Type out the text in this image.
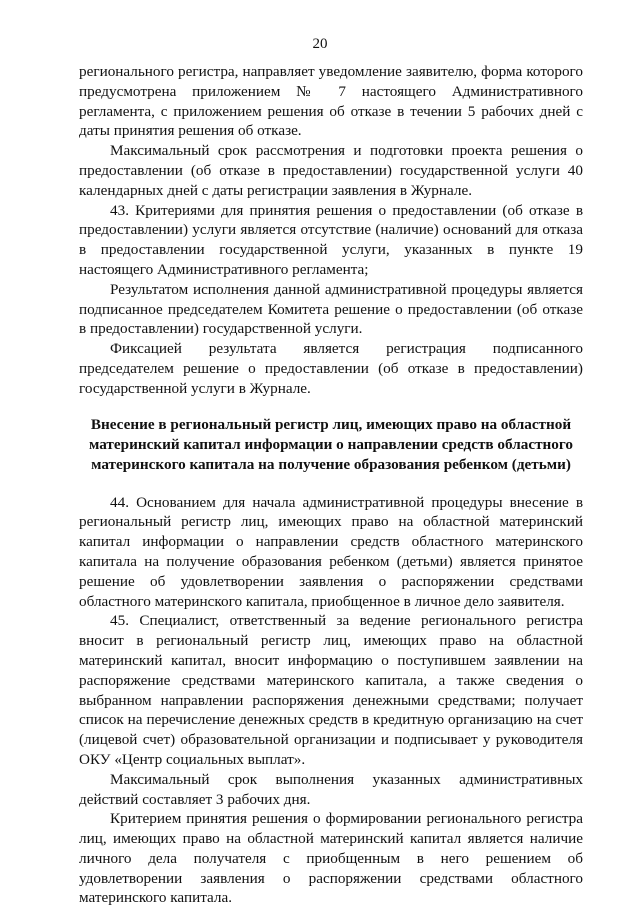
20

регионального регистра, направляет уведомление заявителю, форма которого предусмотрена приложением № 7 настоящего Административного регламента, с приложением решения об отказе в течении 5 рабочих дней с даты принятия решения об отказе.

Максимальный срок рассмотрения и подготовки проекта решения о предоставлении (об отказе в предоставлении) государственной услуги 40 календарных дней с даты регистрации заявления в Журнале.

43. Критериями для принятия решения о предоставлении (об отказе в предоставлении) услуги является отсутствие (наличие) оснований для отказа в предоставлении государственной услуги, указанных в пункте 19 настоящего Административного регламента;

Результатом исполнения данной административной процедуры является подписанное председателем Комитета решение о предоставлении (об отказе в предоставлении) государственной услуги.

Фиксацией результата является регистрация подписанного председателем решение о предоставлении (об отказе в предоставлении) государственной услуги в Журнале.

Внесение в региональный регистр лиц, имеющих право на областной материнский капитал информации о направлении средств областного материнского капитала на получение образования ребенком (детьми)

44. Основанием для начала административной процедуры внесение в региональный регистр лиц, имеющих право на областной материнский капитал информации о направлении средств областного материнского капитала на получение образования ребенком (детьми) является принятое решение об удовлетворении заявления о распоряжении средствами областного материнского капитала, приобщенное в личное дело заявителя.

45. Специалист, ответственный за ведение регионального регистра вносит в региональный регистр лиц, имеющих право на областной материнский капитал, вносит информацию о поступившем заявлении на распоряжение средствами материнского капитала, а также сведения о выбранном направлении распоряжения денежными средствами; получает список на перечисление денежных средств в кредитную организацию на счет (лицевой счет) образовательной организации и подписывает у руководителя ОКУ «Центр социальных выплат».

Максимальный срок выполнения указанных административных действий составляет 3 рабочих дня.

Критерием принятия решения о формировании регионального регистра лиц, имеющих право на областной материнский капитал является наличие личного дела получателя с приобщенным в него решением об удовлетворении заявления о распоряжении средствами областного материнского капитала.
